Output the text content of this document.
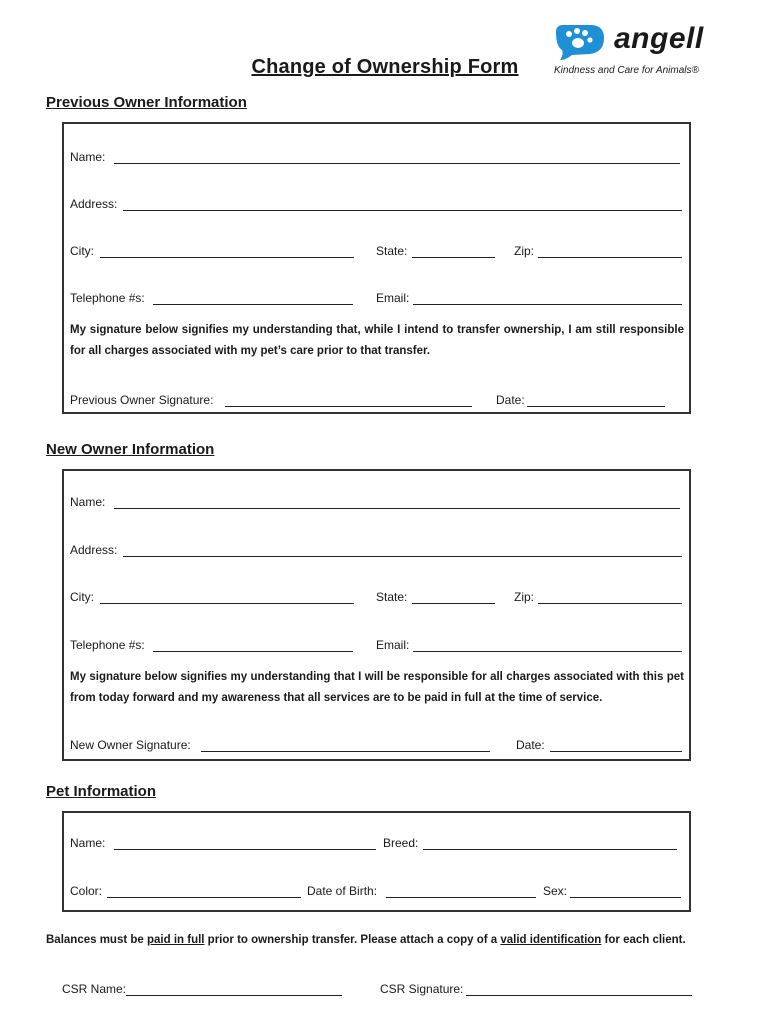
angell
Kindness and Care for Animals®
Change of Ownership Form
Previous Owner Information
Name:
Address:
City:	State:	Zip:
Telephone #s:	Email:
My signature below signifies my understanding that, while I intend to transfer ownership, I am still responsible for all charges associated with my pet’s care prior to that transfer.
Previous Owner Signature:	Date:
New Owner Information
Name:
Address:
City:	State:	Zip:
Telephone #s:	Email:
My signature below signifies my understanding that I will be responsible for all charges associated with this pet from today forward and my awareness that all services are to be paid in full at the time of service.
New Owner Signature:	Date:
Pet Information
Name:	Breed:
Color:	Date of Birth:	Sex:
Balances must be paid in full prior to ownership transfer. Please attach a copy of a valid identification for each client.
CSR Name:	CSR Signature:
